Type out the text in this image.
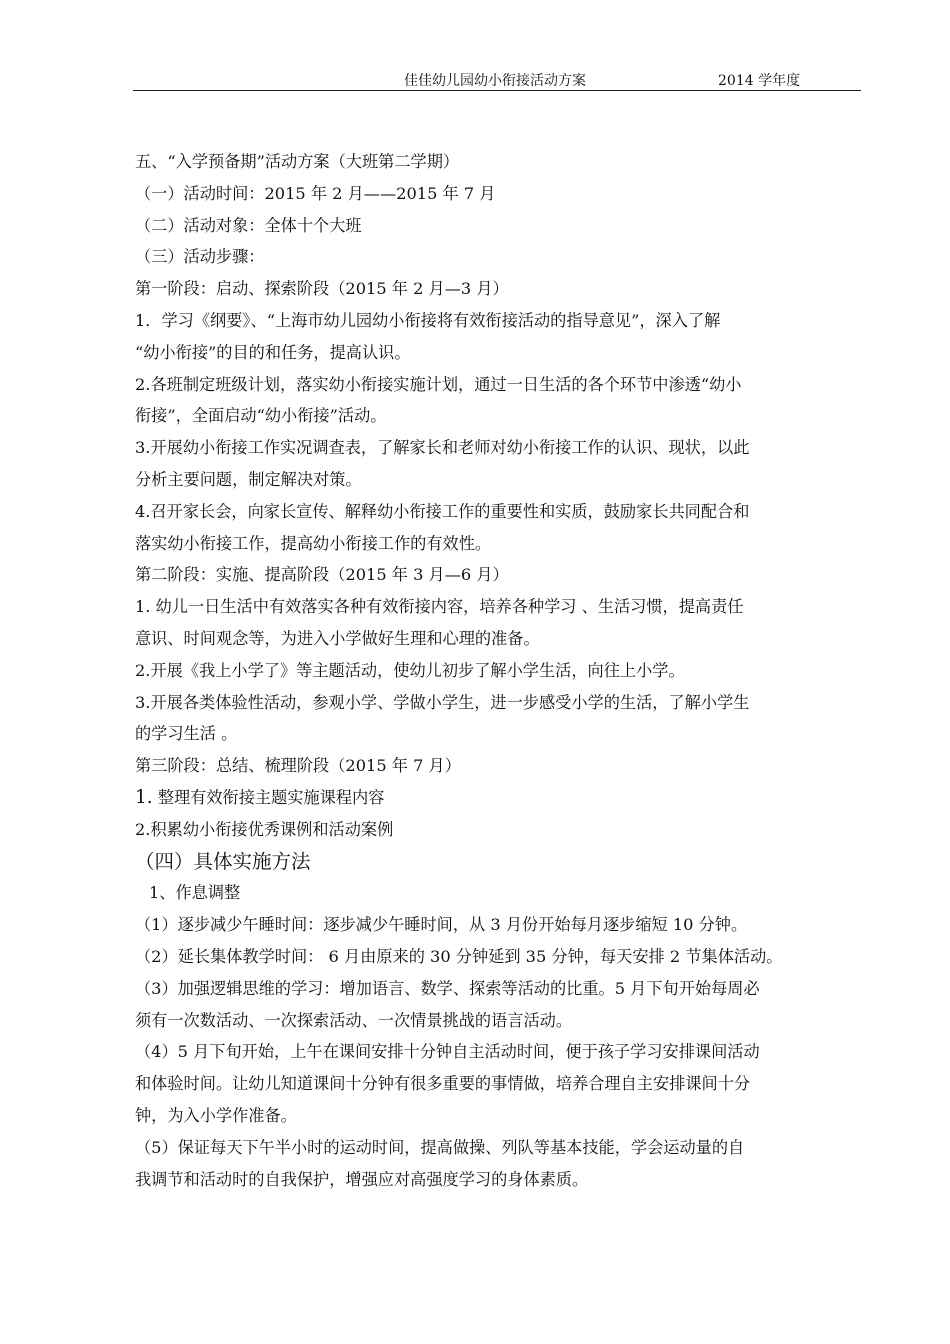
佳佳幼儿园幼小衔接活动方案	2014 学年度
五、“入学预备期”活动方案（大班第二学期）
（一）活动时间：2015 年 2 月——2015 年 7 月
（二）活动对象：全体十个大班
（三）活动步骤：
第一阶段：启动、探索阶段（2015 年 2 月—3 月）
1．学习《纲要》、“上海市幼儿园幼小衔接将有效衔接活动的指导意见”，深入了解
“幼小衔接”的目的和任务，提高认识。
2.各班制定班级计划，落实幼小衔接实施计划，通过一日生活的各个环节中渗透“幼小
衔接”，全面启动“幼小衔接”活动。
3.开展幼小衔接工作实况调查表，了解家长和老师对幼小衔接工作的认识、现状，以此
分析主要问题，制定解决对策。
4.召开家长会，向家长宣传、解释幼小衔接工作的重要性和实质，鼓励家长共同配合和
落实幼小衔接工作，提高幼小衔接工作的有效性。
第二阶段：实施、提高阶段（2015 年 3 月—6 月）
1. 幼儿一日生活中有效落实各种有效衔接内容，培养各种学习 、生活习惯，提高责任
意识、时间观念等，为进入小学做好生理和心理的准备。
2.开展《我上小学了》等主题活动，使幼儿初步了解小学生活，向往上小学。
3.开展各类体验性活动，参观小学、学做小学生，进一步感受小学的生活，了解小学生
的学习生活 。
第三阶段：总结、梳理阶段（2015 年 7 月）
1. 整理有效衔接主题实施课程内容
2.积累幼小衔接优秀课例和活动案例
（四）具体实施方法
1、作息调整
（1）逐步减少午睡时间：逐步减少午睡时间，从 3 月份开始每月逐步缩短 10 分钟。
（2）延长集体教学时间： 6 月由原来的 30 分钟延到 35 分钟，每天安排 2 节集体活动。
（3）加强逻辑思维的学习：增加语言、数学、探索等活动的比重。5 月下旬开始每周必
须有一次数活动、一次探索活动、一次情景挑战的语言活动。
（4）5 月下旬开始，上午在课间安排十分钟自主活动时间，便于孩子学习安排课间活动
和体验时间。让幼儿知道课间十分钟有很多重要的事情做，培养合理自主安排课间十分
钟，为入小学作准备。
（5）保证每天下午半小时的运动时间，提高做操、列队等基本技能，学会运动量的自
我调节和活动时的自我保护，增强应对高强度学习的身体素质。
